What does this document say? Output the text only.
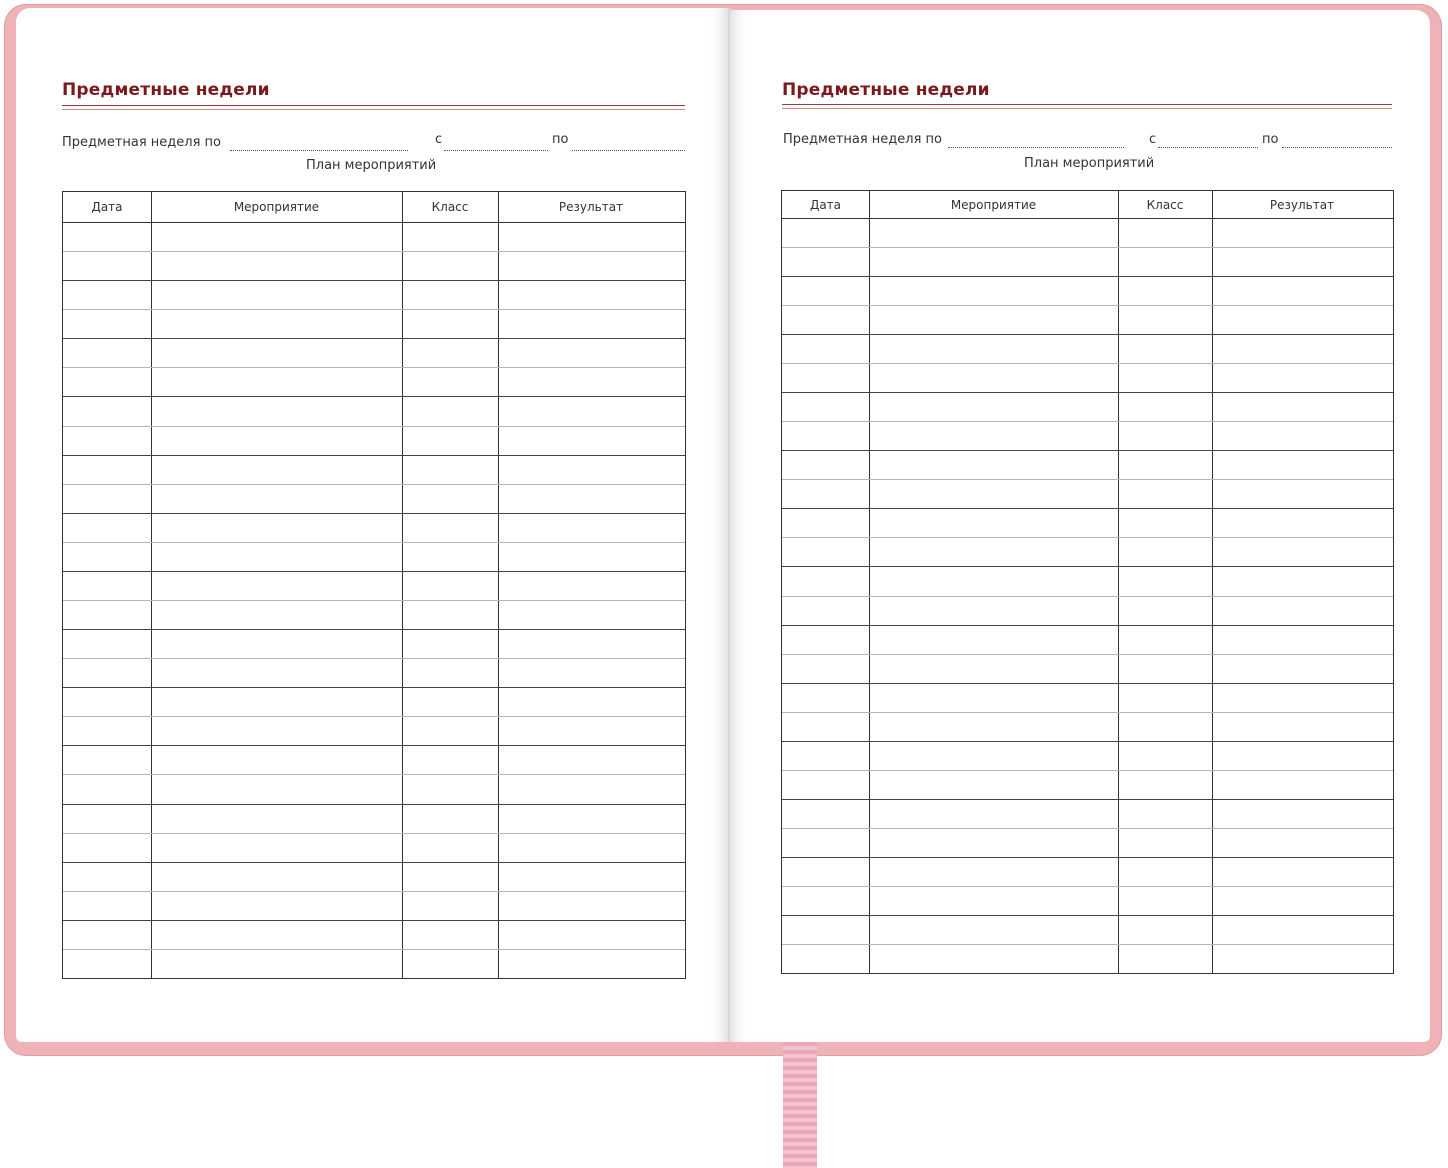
Предметные недели
Предметная неделя по	с	по
План мероприятий
Дата	Мероприятие	Класс	Результат
Предметные недели
Предметная неделя по	с	по
План мероприятий
Дата	Мероприятие	Класс	Результат
